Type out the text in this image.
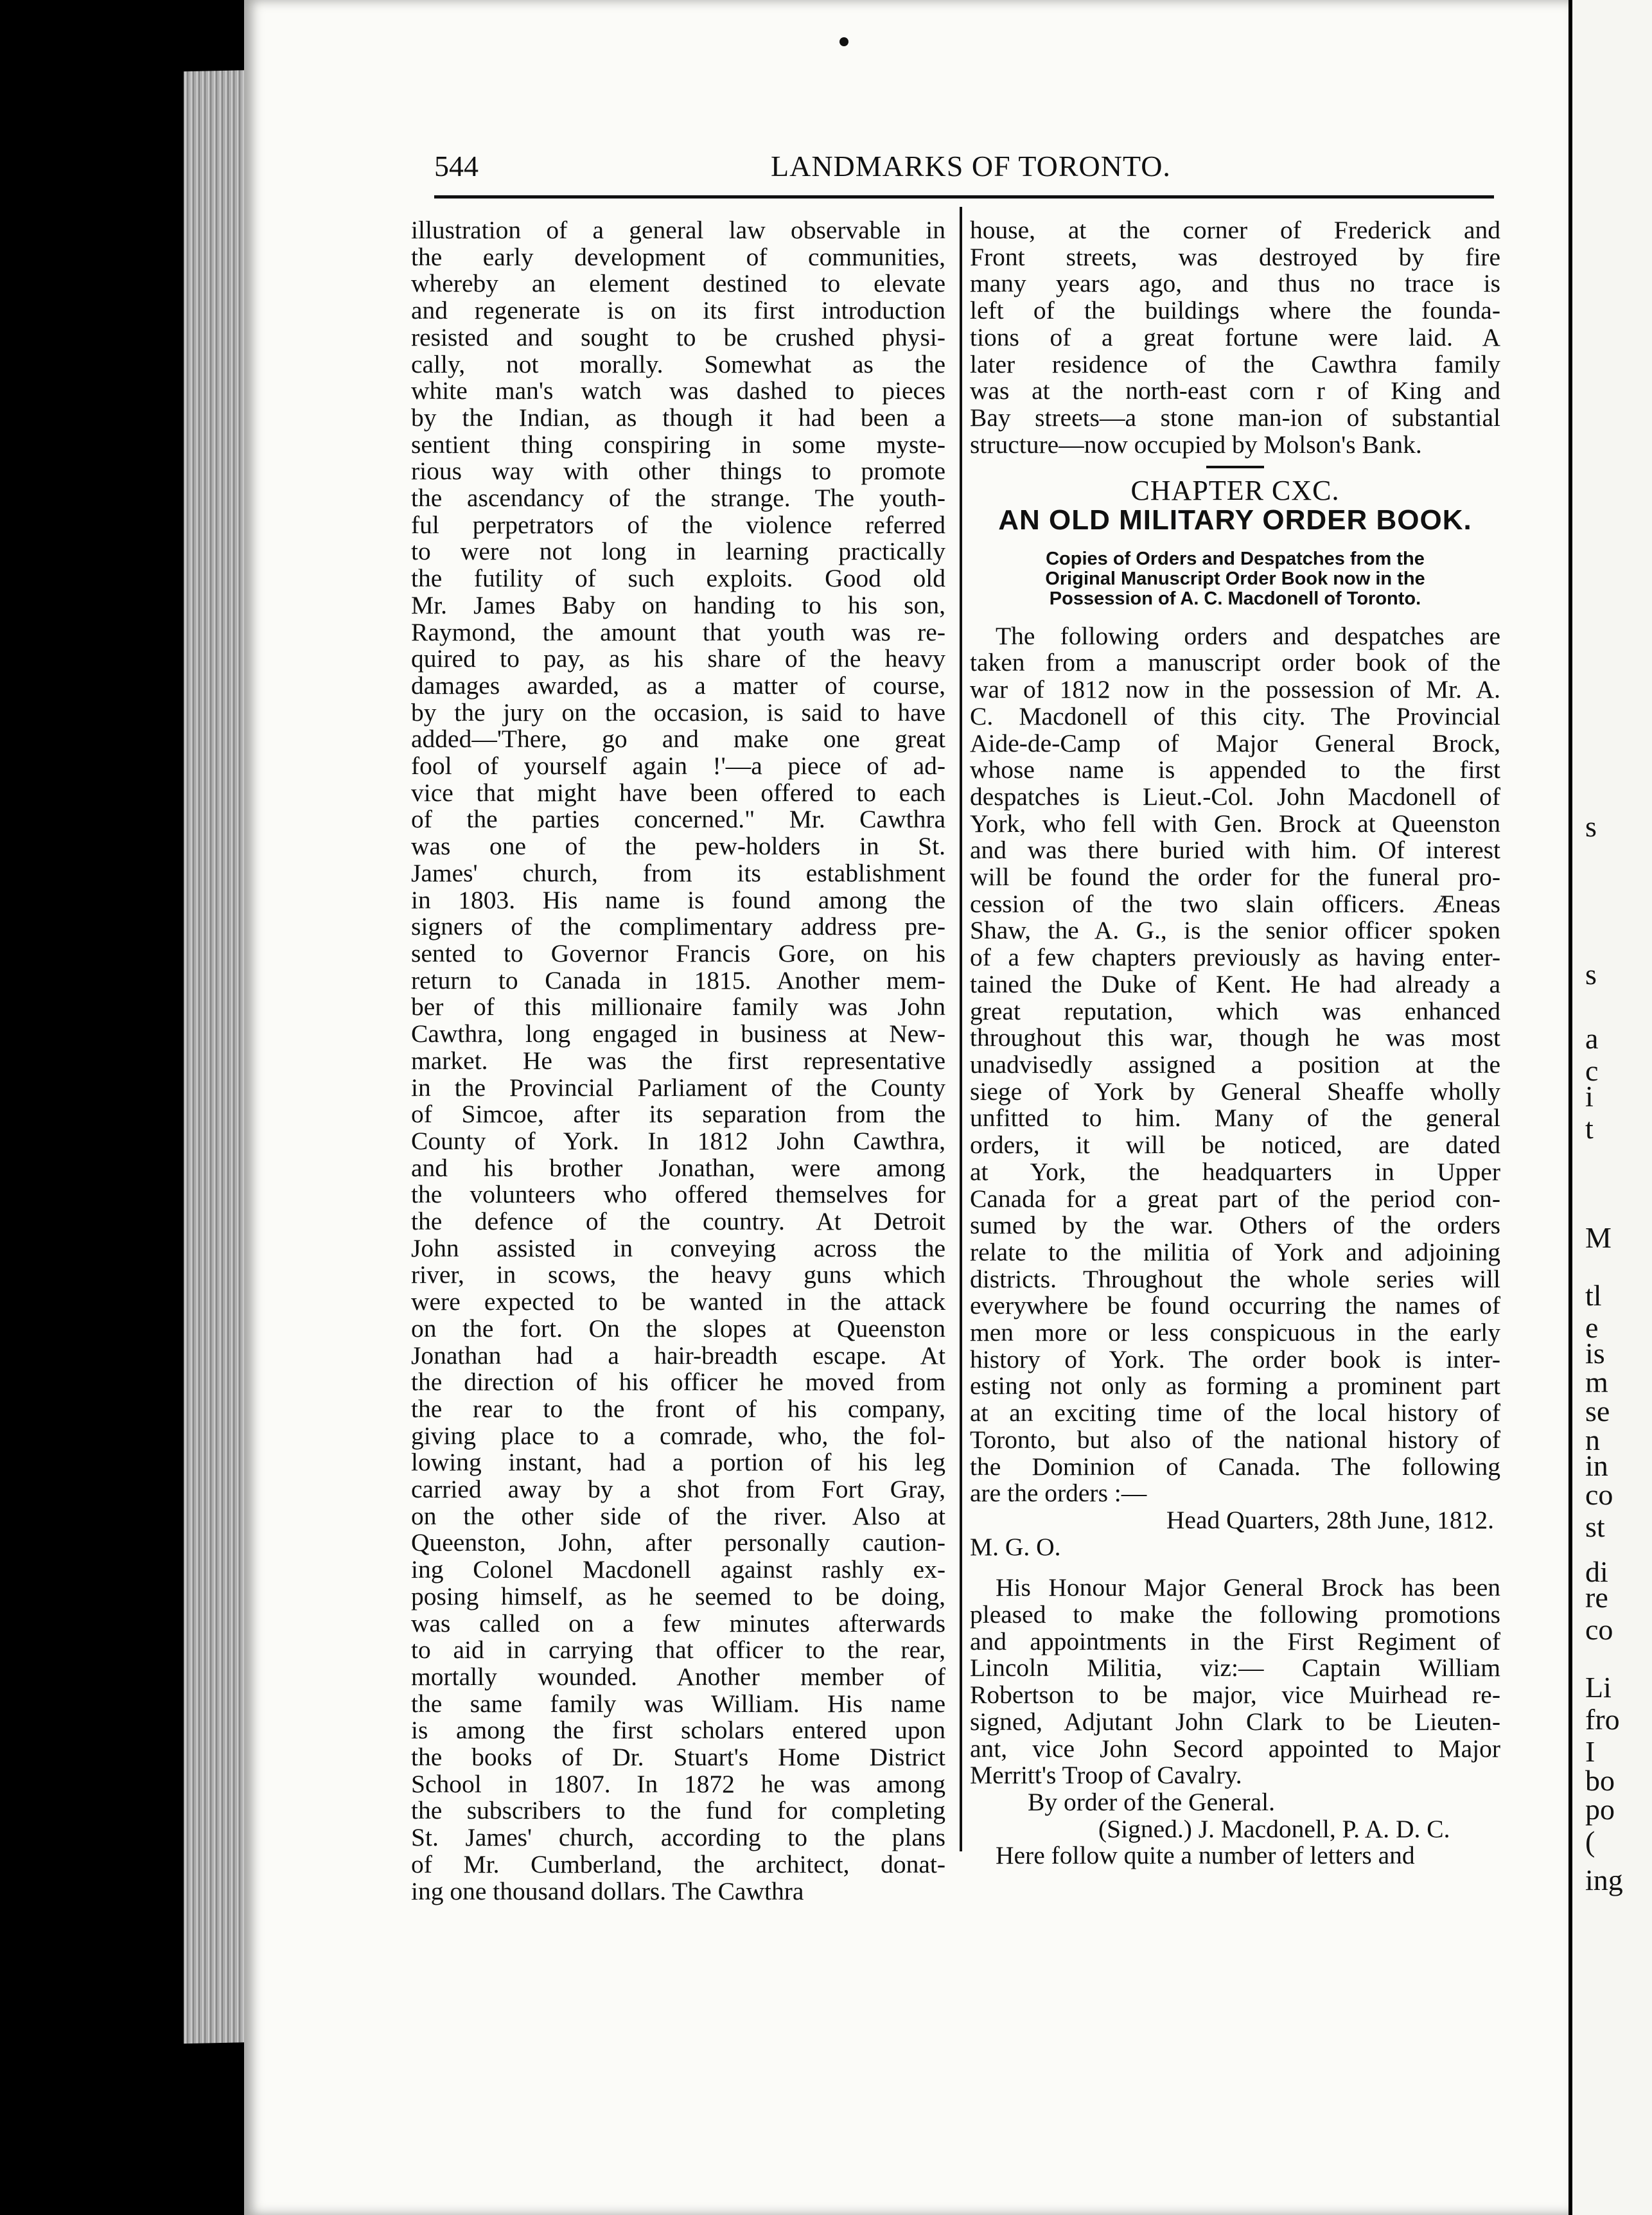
s
s
a
c
i
t
M
tl
e
is
m
se
n
in
co
st
di
re
co
Li
fro
I
bo
po
(
ing
544	LANDMARKS OF TORONTO.
illustration of a general law observable in
the early development of communities,
whereby an element destined to elevate
and regenerate is on its first introduction
resisted and sought to be crushed physi-
cally, not morally. Somewhat as the
white man's watch was dashed to pieces
by the Indian, as though it had been a
sentient thing conspiring in some myste-
rious way with other things to promote
the ascendancy of the strange. The youth-
ful perpetrators of the violence referred
to were not long in learning practically
the futility of such exploits. Good old
Mr. James Baby on handing to his son,
Raymond, the amount that youth was re-
quired to pay, as his share of the heavy
damages awarded, as a matter of course,
by the jury on the occasion, is said to have
added—'There, go and make one great
fool of yourself again !'—a piece of ad-
vice that might have been offered to each
of the parties concerned." Mr. Cawthra
was one of the pew-holders in St.
James' church, from its establishment
in 1803. His name is found among the
signers of the complimentary address pre-
sented to Governor Francis Gore, on his
return to Canada in 1815. Another mem-
ber of this millionaire family was John
Cawthra, long engaged in business at New-
market. He was the first representative
in the Provincial Parliament of the County
of Simcoe, after its separation from the
County of York. In 1812 John Cawthra,
and his brother Jonathan, were among
the volunteers who offered themselves for
the defence of the country. At Detroit
John assisted in conveying across the
river, in scows, the heavy guns which
were expected to be wanted in the attack
on the fort. On the slopes at Queenston
Jonathan had a hair-breadth escape. At
the direction of his officer he moved from
the rear to the front of his company,
giving place to a comrade, who, the fol-
lowing instant, had a portion of his leg
carried away by a shot from Fort Gray,
on the other side of the river. Also at
Queenston, John, after personally caution-
ing Colonel Macdonell against rashly ex-
posing himself, as he seemed to be doing,
was called on a few minutes afterwards
to aid in carrying that officer to the rear,
mortally wounded. Another member of
the same family was William. His name
is among the first scholars entered upon
the books of Dr. Stuart's Home District
School in 1807. In 1872 he was among
the subscribers to the fund for completing
St. James' church, according to the plans
of Mr. Cumberland, the architect, donat-
ing one thousand dollars. The Cawthra
house, at the corner of Frederick and
Front streets, was destroyed by fire
many years ago, and thus no trace is
left of the buildings where the founda-
tions of a great fortune were laid. A
later residence of the Cawthra family
was at the north-east corn r of King and
Bay streets—a stone man-ion of substantial
structure—now occupied by Molson's Bank.
CHAPTER CXC.
AN OLD MILITARY ORDER BOOK.
Copies of Orders and Despatches from the
Original Manuscript Order Book now in the
Possession of A. C. Macdonell of Toronto.
The following orders and despatches are
taken from a manuscript order book of the
war of 1812 now in the possession of Mr. A.
C. Macdonell of this city. The Provincial
Aide-de-Camp of Major General Brock,
whose name is appended to the first
despatches is Lieut.-Col. John Macdonell of
York, who fell with Gen. Brock at Queenston
and was there buried with him. Of interest
will be found the order for the funeral pro-
cession of the two slain officers. Æneas
Shaw, the A. G., is the senior officer spoken
of a few chapters previously as having enter-
tained the Duke of Kent. He had already a
great reputation, which was enhanced
throughout this war, though he was most
unadvisedly assigned a position at the
siege of York by General Sheaffe wholly
unfitted to him. Many of the general
orders, it will be noticed, are dated
at York, the headquarters in Upper
Canada for a great part of the period con-
sumed by the war. Others of the orders
relate to the militia of York and adjoining
districts. Throughout the whole series will
everywhere be found occurring the names of
men more or less conspicuous in the early
history of York. The order book is inter-
esting not only as forming a prominent part
at an exciting time of the local history of
Toronto, but also of the national history of
the Dominion of Canada. The following
are the orders :—
Head Quarters, 28th June, 1812.
M. G. O.
His Honour Major General Brock has been
pleased to make the following promotions
and appointments in the First Regiment of
Lincoln Militia, viz:— Captain William
Robertson to be major, vice Muirhead re-
signed, Adjutant John Clark to be Lieuten-
ant, vice John Secord appointed to Major
Merritt's Troop of Cavalry.
By order of the General.
(Signed.) J. Macdonell, P. A. D. C.
Here follow quite a number of letters and
